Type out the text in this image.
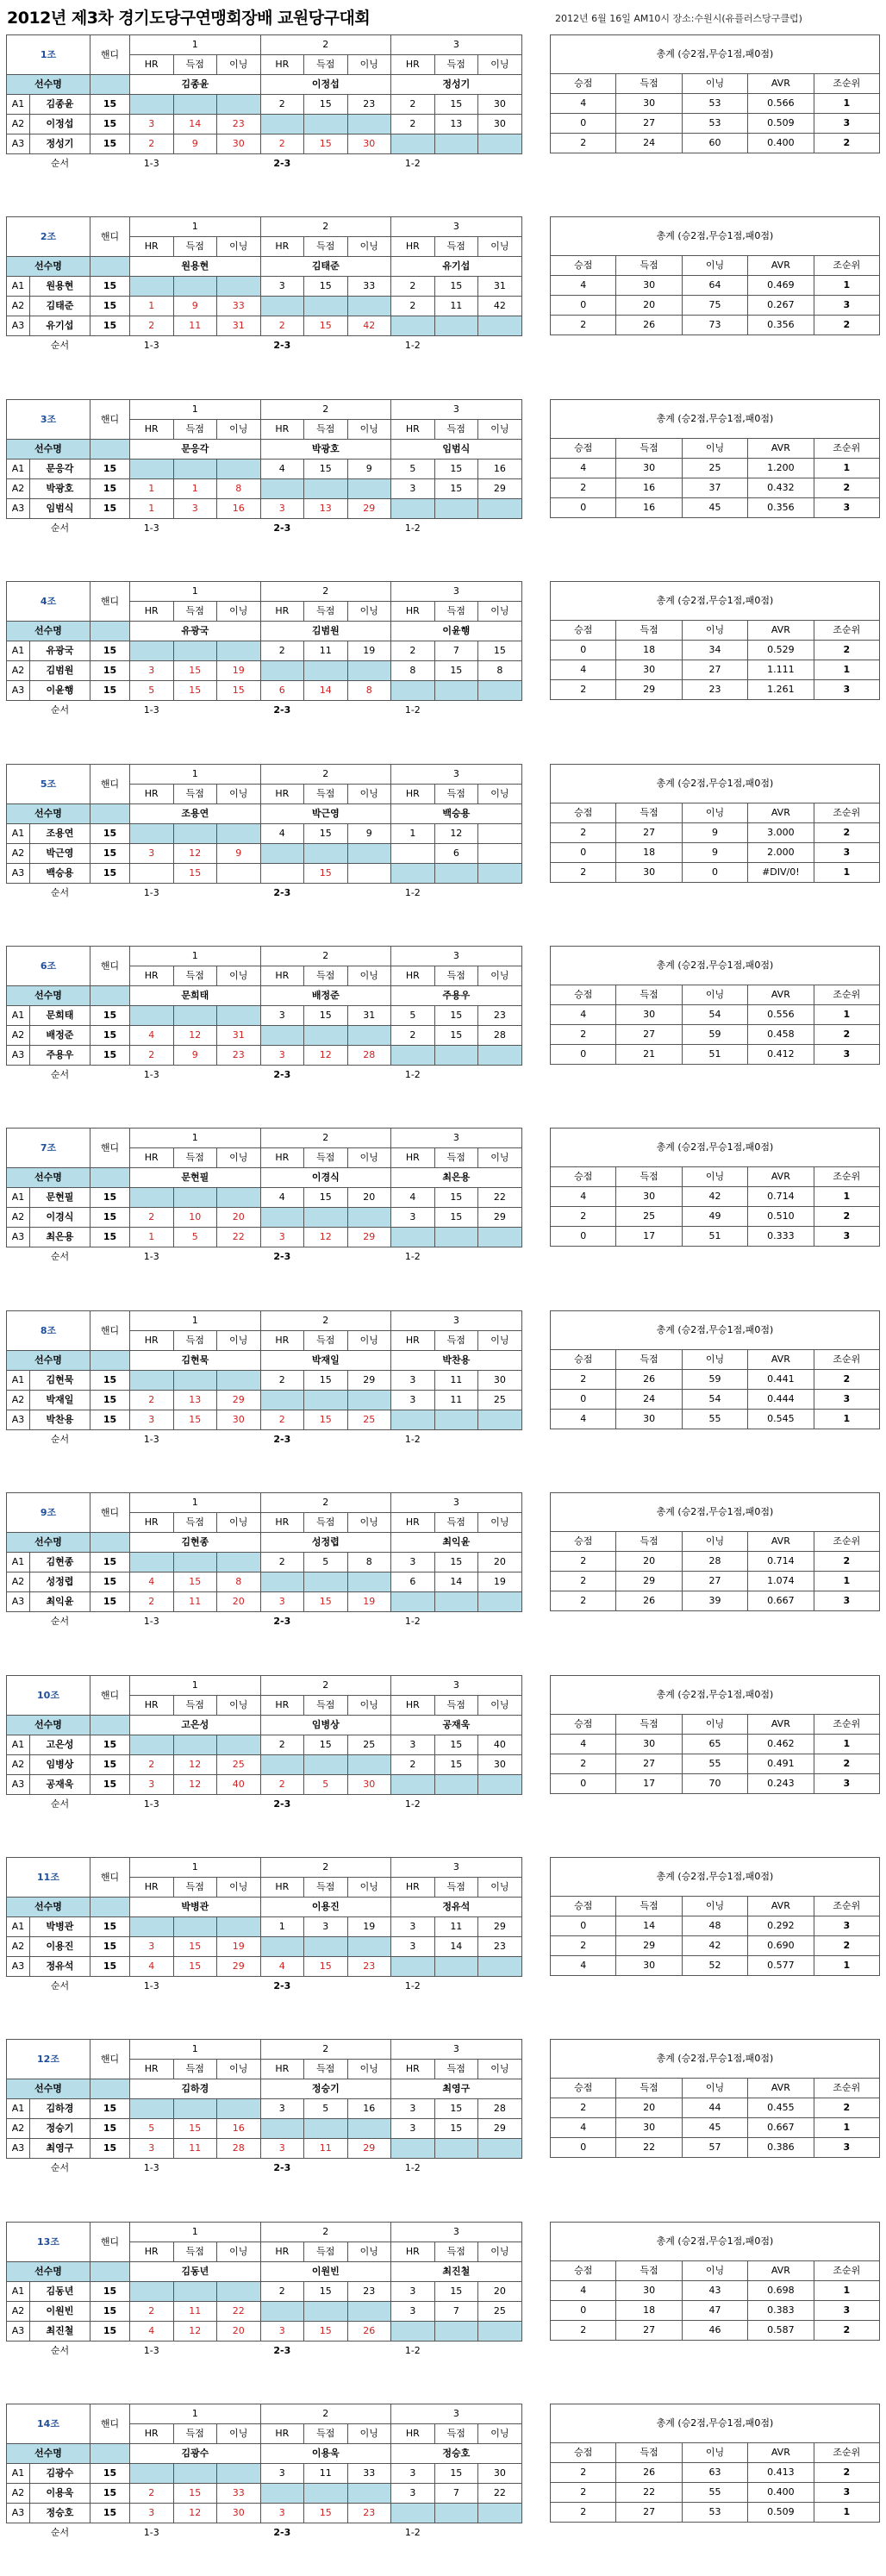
2012년 제3차 경기도당구연맹회장배 교원당구대회	2012년 6월 16일 AM10시 장소:수원시(유플러스당구클럽)
1조		핸디	1			2			3		
			HR	득점	이닝	HR	득점	이닝	HR	득점	이닝
선수명			김종윤			이정섭			정성기		
A1	김종윤	15				2	15	23	2	15	30
A2	이정섭	15	3	14	23				2	13	30
A3	정성기	15	2	9	30	2	15	30			
	순서		1-3			2-3			1-2		
총계 (승2점,무승1점,패0점)				

승점	득점	이닝	AVR	조순위
4	30	53	0.566	1
0	27	53	0.509	3
2	24	60	0.400	2
2조		핸디	1			2			3		
			HR	득점	이닝	HR	득점	이닝	HR	득점	이닝
선수명			원용현			김태준			유기섭		
A1	원용현	15				3	15	33	2	15	31
A2	김태준	15	1	9	33				2	11	42
A3	유기섭	15	2	11	31	2	15	42			
	순서		1-3			2-3			1-2		
총계 (승2점,무승1점,패0점)				

승점	득점	이닝	AVR	조순위
4	30	64	0.469	1
0	20	75	0.267	3
2	26	73	0.356	2
3조		핸디	1			2			3		
			HR	득점	이닝	HR	득점	이닝	HR	득점	이닝
선수명			문응각			박광호			임범식		
A1	문응각	15				4	15	9	5	15	16
A2	박광호	15	1	1	8				3	15	29
A3	임범식	15	1	3	16	3	13	29			
	순서		1-3			2-3			1-2		
총계 (승2점,무승1점,패0점)				

승점	득점	이닝	AVR	조순위
4	30	25	1.200	1
2	16	37	0.432	2
0	16	45	0.356	3
4조		핸디	1			2			3		
			HR	득점	이닝	HR	득점	이닝	HR	득점	이닝
선수명			유광국			김범원			이윤행		
A1	유광국	15				2	11	19	2	7	15
A2	김범원	15	3	15	19				8	15	8
A3	이윤행	15	5	15	15	6	14	8			
	순서		1-3			2-3			1-2		
총계 (승2점,무승1점,패0점)				

승점	득점	이닝	AVR	조순위
0	18	34	0.529	2
4	30	27	1.111	1
2	29	23	1.261	3
5조		핸디	1			2			3		
			HR	득점	이닝	HR	득점	이닝	HR	득점	이닝
선수명			조용연			박근영			백승용		
A1	조용연	15				4	15	9	1	12	
A2	박근영	15	3	12	9					6	
A3	백승용	15		15			15				
	순서		1-3			2-3			1-2		
총계 (승2점,무승1점,패0점)				

승점	득점	이닝	AVR	조순위
2	27	9	3.000	2
0	18	9	2.000	3
2	30	0	#DIV/0!	1
6조		핸디	1			2			3		
			HR	득점	이닝	HR	득점	이닝	HR	득점	이닝
선수명			문희태			배정준			주용우		
A1	문희태	15				3	15	31	5	15	23
A2	배정준	15	4	12	31				2	15	28
A3	주용우	15	2	9	23	3	12	28			
	순서		1-3			2-3			1-2		
총계 (승2점,무승1점,패0점)				

승점	득점	이닝	AVR	조순위
4	30	54	0.556	1
2	27	59	0.458	2
0	21	51	0.412	3
7조		핸디	1			2			3		
			HR	득점	이닝	HR	득점	이닝	HR	득점	이닝
선수명			문현필			이경식			최은용		
A1	문현필	15				4	15	20	4	15	22
A2	이경식	15	2	10	20				3	15	29
A3	최은용	15	1	5	22	3	12	29			
	순서		1-3			2-3			1-2		
총계 (승2점,무승1점,패0점)				

승점	득점	이닝	AVR	조순위
4	30	42	0.714	1
2	25	49	0.510	2
0	17	51	0.333	3
8조		핸디	1			2			3		
			HR	득점	이닝	HR	득점	이닝	HR	득점	이닝
선수명			김현묵			박재일			박찬용		
A1	김현묵	15				2	15	29	3	11	30
A2	박재일	15	2	13	29				3	11	25
A3	박찬용	15	3	15	30	2	15	25			
	순서		1-3			2-3			1-2		
총계 (승2점,무승1점,패0점)				

승점	득점	이닝	AVR	조순위
2	26	59	0.441	2
0	24	54	0.444	3
4	30	55	0.545	1
9조		핸디	1			2			3		
			HR	득점	이닝	HR	득점	이닝	HR	득점	이닝
선수명			김현종			성정렵			최익윤		
A1	김현종	15				2	5	8	3	15	20
A2	성정렵	15	4	15	8				6	14	19
A3	최익윤	15	2	11	20	3	15	19			
	순서		1-3			2-3			1-2		
총계 (승2점,무승1점,패0점)				

승점	득점	이닝	AVR	조순위
2	20	28	0.714	2
2	29	27	1.074	1
2	26	39	0.667	3
10조		핸디	1			2			3		
			HR	득점	이닝	HR	득점	이닝	HR	득점	이닝
선수명			고은성			임병상			공재욱		
A1	고은성	15				2	15	25	3	15	40
A2	임병상	15	2	12	25				2	15	30
A3	공재욱	15	3	12	40	2	5	30			
	순서		1-3			2-3			1-2		
총계 (승2점,무승1점,패0점)				

승점	득점	이닝	AVR	조순위
4	30	65	0.462	1
2	27	55	0.491	2
0	17	70	0.243	3
11조		핸디	1			2			3		
			HR	득점	이닝	HR	득점	이닝	HR	득점	이닝
선수명			박병관			이용진			정유석		
A1	박병관	15				1	3	19	3	11	29
A2	이용진	15	3	15	19				3	14	23
A3	정유석	15	4	15	29	4	15	23			
	순서		1-3			2-3			1-2		
총계 (승2점,무승1점,패0점)				

승점	득점	이닝	AVR	조순위
0	14	48	0.292	3
2	29	42	0.690	2
4	30	52	0.577	1
12조		핸디	1			2			3		
			HR	득점	이닝	HR	득점	이닝	HR	득점	이닝
선수명			김하경			정승기			최영구		
A1	김하경	15				3	5	16	3	15	28
A2	정승기	15	5	15	16				3	15	29
A3	최영구	15	3	11	28	3	11	29			
	순서		1-3			2-3			1-2		
총계 (승2점,무승1점,패0점)				

승점	득점	이닝	AVR	조순위
2	20	44	0.455	2
4	30	45	0.667	1
0	22	57	0.386	3
13조		핸디	1			2			3		
			HR	득점	이닝	HR	득점	이닝	HR	득점	이닝
선수명			김동년			이원빈			최진철		
A1	김동년	15				2	15	23	3	15	20
A2	이원빈	15	2	11	22				3	7	25
A3	최진철	15	4	12	20	3	15	26			
	순서		1-3			2-3			1-2		
총계 (승2점,무승1점,패0점)				

승점	득점	이닝	AVR	조순위
4	30	43	0.698	1
0	18	47	0.383	3
2	27	46	0.587	2
14조		핸디	1			2			3		
			HR	득점	이닝	HR	득점	이닝	HR	득점	이닝
선수명			김광수			이용욱			정승호		
A1	김광수	15				3	11	33	3	15	30
A2	이용욱	15	2	15	33				3	7	22
A3	정승호	15	3	12	30	3	15	23			
	순서		1-3			2-3			1-2		
총계 (승2점,무승1점,패0점)				

승점	득점	이닝	AVR	조순위
2	26	63	0.413	2
2	22	55	0.400	3
2	27	53	0.509	1
